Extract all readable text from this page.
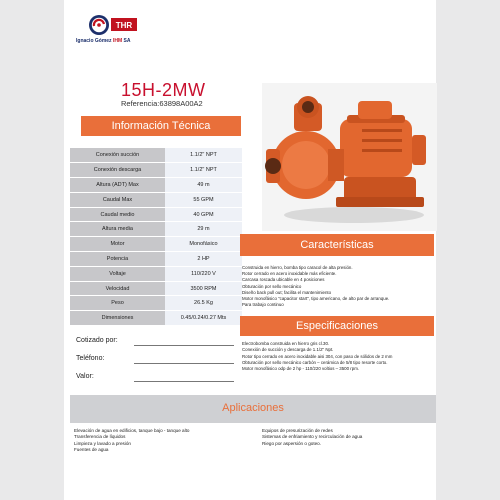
THR
Ignacio Gómez IHM SA
15H-2MW
Referencia:63898A00A2
Información Técnica
Conexión succión	1.1/2" NPT
Conexión descarga	1.1/2" NPT
Altura (ADT) Max	49 m
Caudal Max	55 GPM
Caudal medio	40 GPM
Altura media	29 m
Motor	Monofásico
Potencia	2 HP
Voltaje	110/220 V
Velocidad	3500 RPM
Peso	26.5 Kg
Dimensiones	0.45/0.24/0.27 Mts
Características
Construida en hierro, bomba tipo caracol de alta presión.
Rotor cerrado en acero inoxidable más eficiente.
Carcasa roscada ubicable en 4 posiciones
Obturación por sello mecánico
Diseño back pull out; facilita el mantenimiento
Motor monofásico "capacitor start", tipo americano, de alto par de arranque.
Para trabajo continuo
Especificaciones
Electrobomba construida en hierro gris cl.30.
Conexión de succión y descarga de 1.1/2" Npt.
Rotor tipo cerrado en acero inoxidable aisi 304, con paso de sólidos de 2 mm
Obturación por sello mecánico carbón – cerámica de 5/8 tipo resorte corto.
Motor monofásico odp de 2 hp - 110/220 voltios – 3500 rpm.
Cotizado por:
Teléfono:
Valor:
Aplicaciones
Elevación de agua en edificios, tanque bajo - tanque alto
Transferencia de líquidos
Limpieza y lavado a presión
Fuentes de agua
Equipos de presurización de redes
Sistemas de enfriamiento y recirculación de agua
Riego por aspersión o goteo.
